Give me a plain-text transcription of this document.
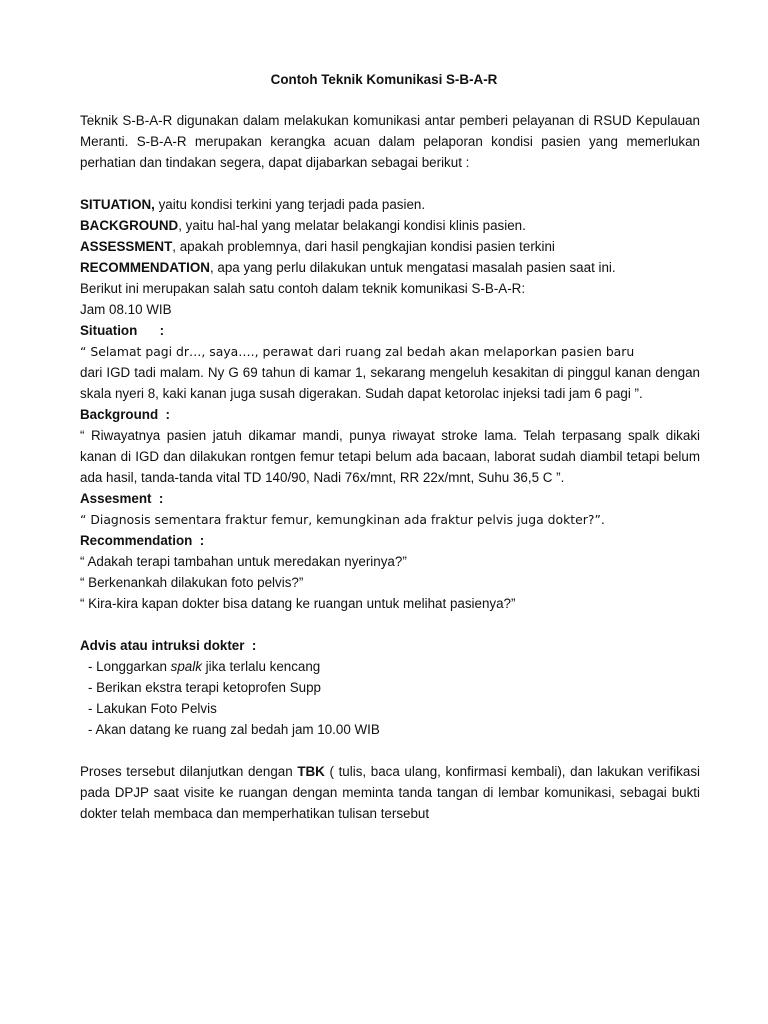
Contoh Teknik Komunikasi S-B-A-R

Teknik S-B-A-R digunakan dalam melakukan komunikasi antar pemberi pelayanan di RSUD Kepulauan Meranti. S-B-A-R merupakan kerangka acuan dalam pelaporan kondisi pasien yang memerlukan perhatian dan tindakan segera, dapat dijabarkan sebagai berikut :

SITUATION, yaitu kondisi terkini yang terjadi pada pasien.

BACKGROUND, yaitu hal-hal yang melatar belakangi kondisi klinis pasien.

ASSESSMENT, apakah problemnya, dari hasil pengkajian kondisi pasien terkini

RECOMMENDATION, apa yang perlu dilakukan untuk mengatasi masalah pasien saat ini.

Berikut ini merupakan salah satu contoh dalam teknik komunikasi S-B-A-R:

Jam 08.10 WIB

Situation      :

“ Selamat pagi dr…, saya…., perawat dari ruang zal bedah akan melaporkan pasien baru

dari IGD tadi malam. Ny G 69 tahun di kamar 1, sekarang mengeluh kesakitan di pinggul kanan dengan skala nyeri 8, kaki kanan juga susah digerakan. Sudah dapat ketorolac injeksi tadi jam 6 pagi ”.

Background  :

“ Riwayatnya pasien jatuh dikamar mandi, punya riwayat stroke lama. Telah terpasang spalk dikaki kanan di IGD dan dilakukan rontgen femur tetapi belum ada bacaan, laborat sudah diambil tetapi belum ada hasil, tanda-tanda vital TD 140/90, Nadi 76x/mnt, RR 22x/mnt, Suhu 36,5 C ”.

Assesment  :

“ Diagnosis sementara fraktur femur, kemungkinan ada fraktur pelvis juga dokter?”.

Recommendation  :

“ Adakah terapi tambahan untuk meredakan nyerinya?”

“ Berkenankah dilakukan foto pelvis?”

“ Kira-kira kapan dokter bisa datang ke ruangan untuk melihat pasienya?”

Advis atau intruksi dokter  :

- Longgarkan spalk jika terlalu kencang

- Berikan ekstra terapi ketoprofen Supp

- Lakukan Foto Pelvis

- Akan datang ke ruang zal bedah jam 10.00 WIB

Proses tersebut dilanjutkan dengan TBK ( tulis, baca ulang, konfirmasi kembali), dan lakukan verifikasi pada DPJP saat visite ke ruangan dengan meminta tanda tangan di lembar komunikasi, sebagai bukti dokter telah membaca dan memperhatikan tulisan tersebut
